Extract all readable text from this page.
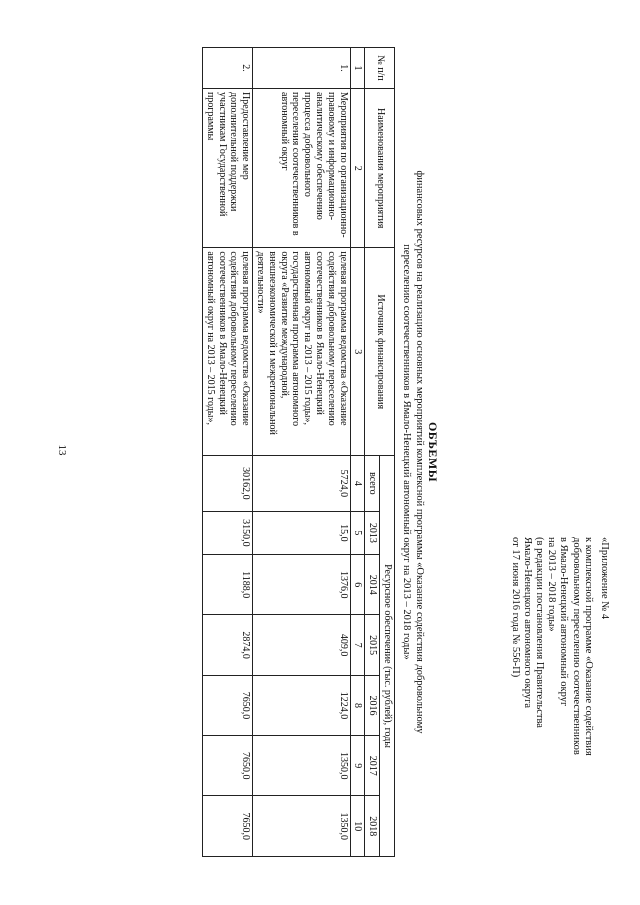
13
«Приложение № 4
к комплексной программе «Оказание содействия
добровольному переселению соотечественников
в Ямало-Ненецкий автономный округ
на 2013 – 2018 годы»
(в редакции постановления Правительства
Ямало-Ненецкого автономного округа
от 17 июня 2016 года № 556-П)
ОБЪЕМЫ
финансовых ресурсов на реализацию основных мероприятий комплексной программы «Оказание содействия добровольному
переселению соотечественников в Ямало-Ненецкий автономный округ на 2013 – 2018 годы»
№ п/п	Наименования мероприятия	Источник финансирования	Ресурсное обеспечение (тыс. рублей), годы						
			всего	2013	2014	2015	2016	2017	2018
1	2	3	4	5	6	7	8	9	10
1.	Мероприятия по организационно-правовому и информационно-аналитическому обеспечению процесса добровольного переселения соотечественников в автономный округ	целевая программа ведомства «Оказание содействия добровольному переселению соотечественников в Ямало-Ненецкий автономный округ на 2013 – 2015 годы», государственная программа автономного округа «Развитие международной, внешнеэкономической и межрегиональной деятельности»	5724,0	15,0	1376,0	409,0	1224,0	1350,0	1350,0
2.	Предоставление мер дополнительной поддержки участникам Государственной программы	целевая программа ведомства «Оказание содействия добровольному переселению соотечественников в Ямало-Ненецкий автономный округ на 2013 – 2015 годы»,	30162,0	3150,0	1188,0	2874,0	7650,0	7650,0	7650,0
